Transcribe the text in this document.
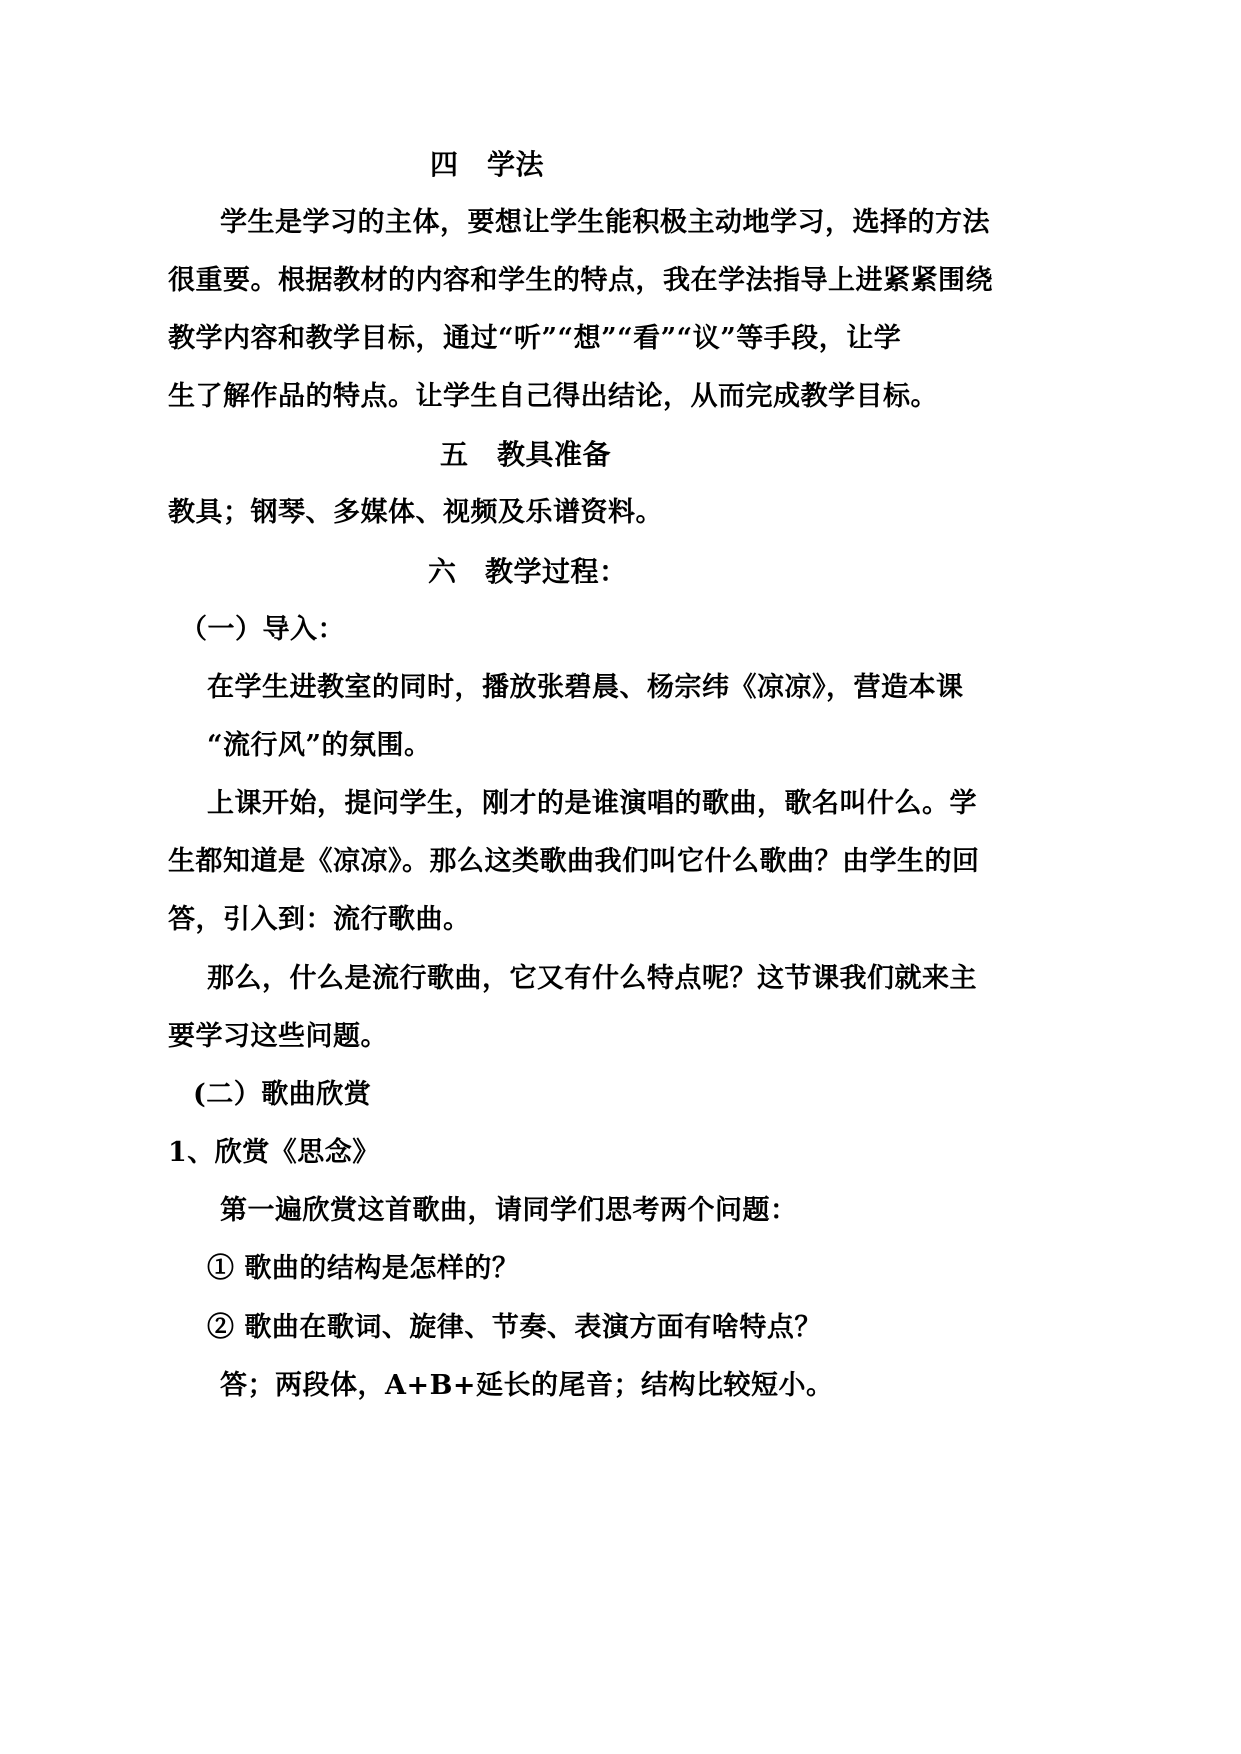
四　学法
学生是学习的主体，要想让学生能积极主动地学习，选择的方法
很重要。根据教材的内容和学生的特点，我在学法指导上进紧紧围绕
教学内容和教学目标，通过“听”“想”“看”“议”等手段，让学
生了解作品的特点。让学生自己得出结论，从而完成教学目标。
五　教具准备
教具；钢琴、多媒体、视频及乐谱资料。
六　教学过程：
（一）导入：
在学生进教室的同时，播放张碧晨、杨宗纬《凉凉》，营造本课
“流行风”的氛围。
上课开始，提问学生，刚才的是谁演唱的歌曲，歌名叫什么。学
生都知道是《凉凉》。那么这类歌曲我们叫它什么歌曲？由学生的回
答，引入到：流行歌曲。
那么，什么是流行歌曲，它又有什么特点呢？这节课我们就来主
要学习这些问题。
(二）歌曲欣赏
1、欣赏《思念》
第一遍欣赏这首歌曲，请同学们思考两个问题：
① 歌曲的结构是怎样的？
② 歌曲在歌词、旋律、节奏、表演方面有啥特点？
答；两段体，A+B+延长的尾音；结构比较短小。
